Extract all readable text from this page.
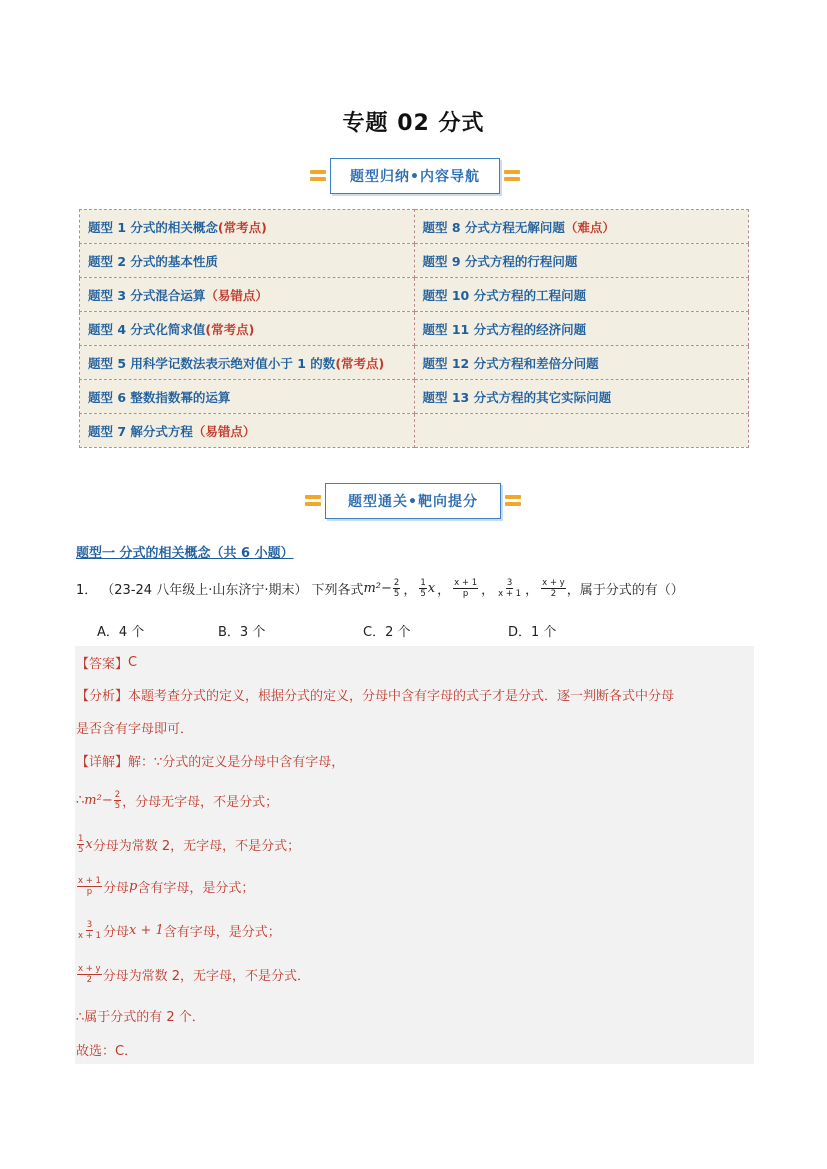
专题 02 分式
题型归纳•内容导航
题型 1 分式的相关概念(常考点)	题型 8 分式方程无解问题（难点）
题型 2 分式的基本性质	题型 9 分式方程的行程问题
题型 3 分式混合运算（易错点）	题型 10 分式方程的工程问题
题型 4 分式化简求值(常考点)	题型 11 分式方程的经济问题
题型 5 用科学记数法表示绝对值小于 1 的数(常考点)	题型 12 分式方程和差倍分问题
题型 6 整数指数幂的运算	题型 13 分式方程的其它实际问题
题型 7 解分式方程（易错点）	
题型通关•靶向提分
题型一 分式的相关概念（共 6 小题）
1． （23-24 八年级上·山东济宁·期末） 下列各式 $m^2- \frac{2}{5}$ ， $\frac{1}{5}$ x ， $\frac{x + 1}{p}$ ， $\frac{3}{x + 1}$ ， $\frac{x + y}{2}$ ，属于分式的有（）
A．4 个	B．3 个	C．2 个	D．1 个
【答案】 C
【分析】 本题考查分式的定义，根据分式的定义，分母中含有字母的式子才是分式．逐一判断各式中分母
是否含有字母即可．
【详解】 解：∵分式的定义是分母中含有字母，
∴ $m^2- \frac{2}{5}$ ，分母无字母，不是分式；
$\frac{1}{5}$ x 分母为常数 2，无字母，不是分式；
$\frac{x + 1}{p}$ 分母 p 含有字母，是分式；
$\frac{3}{x + 1}$ 分母 x + 1 含有字母，是分式；
$\frac{x + y}{2}$ 分母为常数 2，无字母，不是分式．
∴属于分式的有 2 个．
故选：C．
